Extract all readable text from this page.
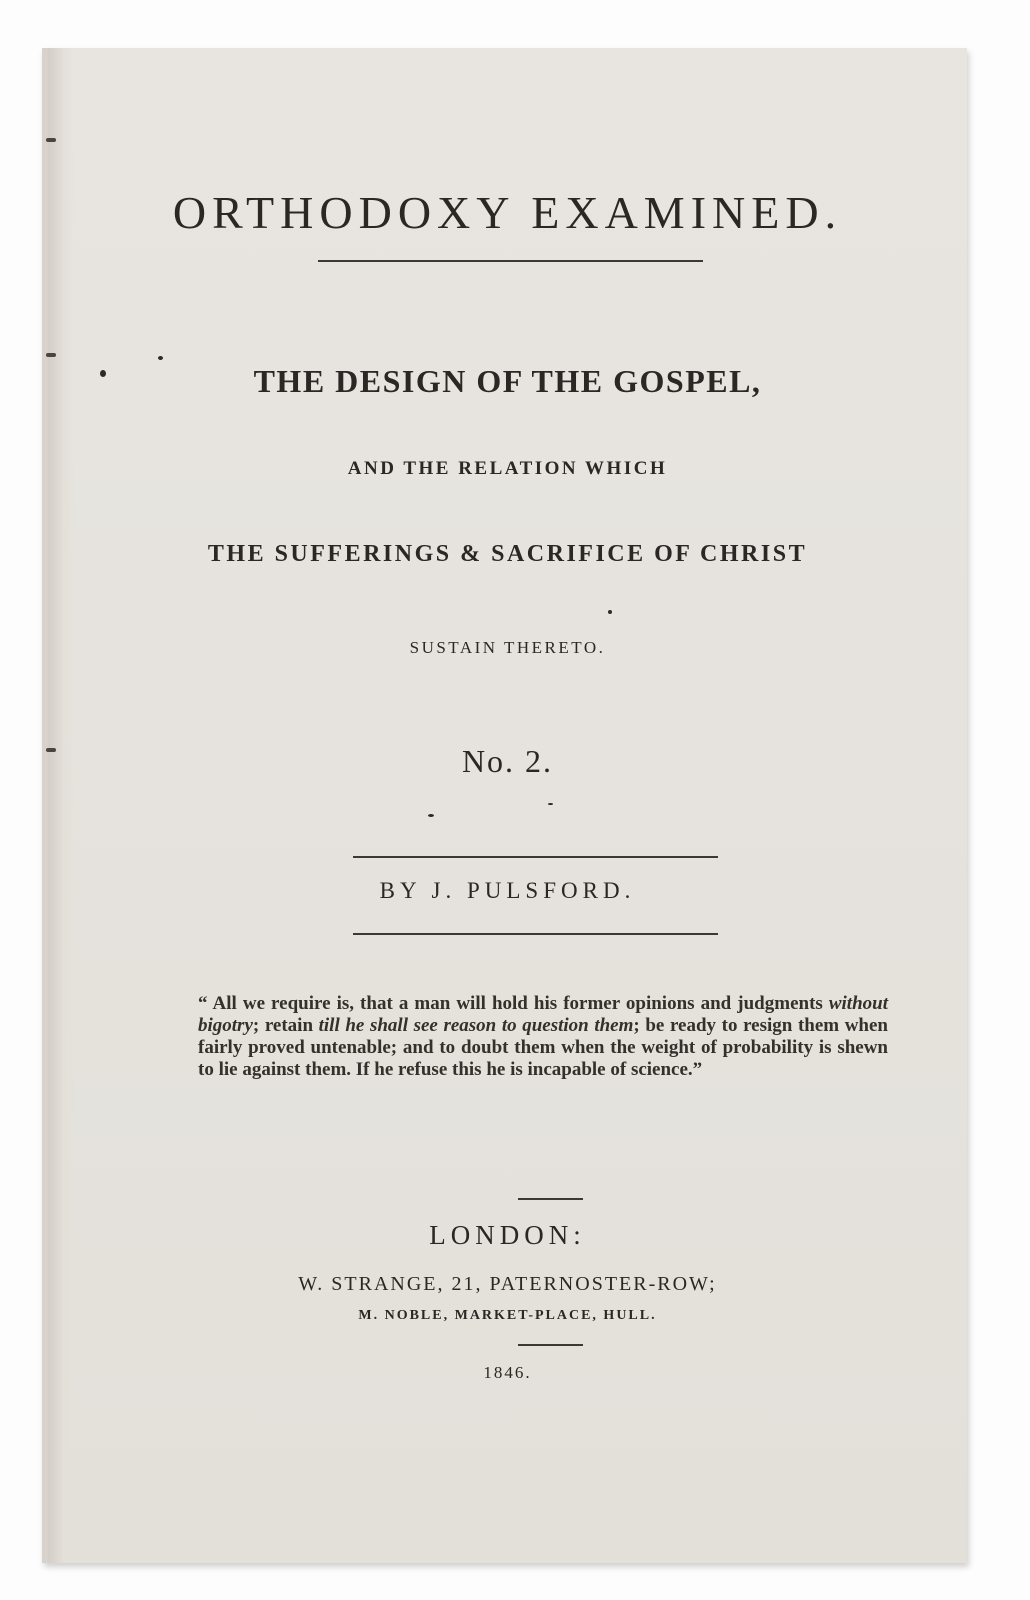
ORTHODOXY EXAMINED.
THE DESIGN OF THE GOSPEL,
AND THE RELATION WHICH
THE SUFFERINGS & SACRIFICE OF CHRIST
SUSTAIN THERETO.
No. 2.
BY J. PULSFORD.
“ All we require is, that a man will hold his former opinions and judgments without bigotry; retain till he shall see reason to question them; be ready to resign them when fairly proved untenable; and to doubt them when the weight of probability is shewn to lie against them. If he refuse this he is incapable of science.”
LONDON:
W. STRANGE, 21, PATERNOSTER-ROW;
M. NOBLE, MARKET-PLACE, HULL.
1846.
